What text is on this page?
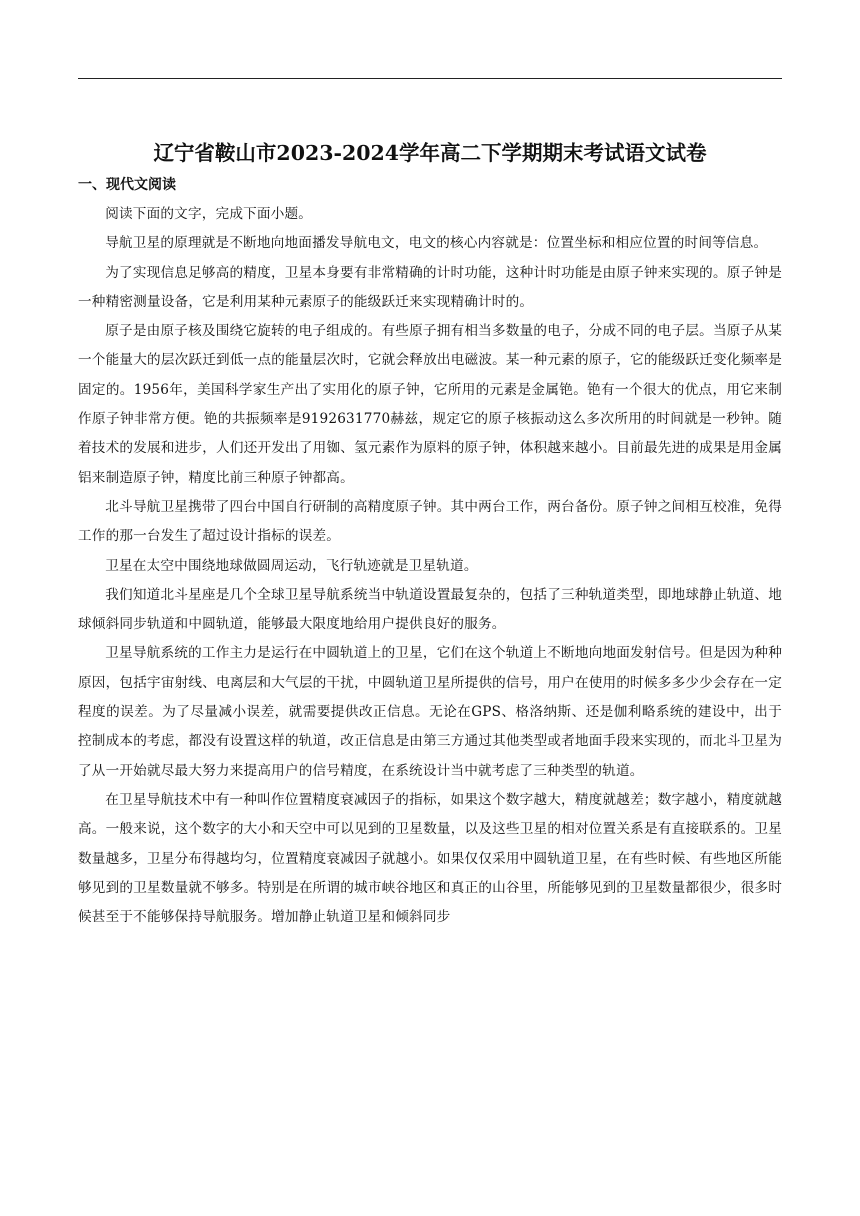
辽宁省鞍山市2023-2024学年高二下学期期末考试语文试卷
一、现代文阅读

阅读下面的文字，完成下面小题。

导航卫星的原理就是不断地向地面播发导航电文，电文的核心内容就是：位置坐标和相应位置的时间等信息。

为了实现信息足够高的精度，卫星本身要有非常精确的计时功能，这种计时功能是由原子钟来实现的。原子钟是一种精密测量设备，它是利用某种元素原子的能级跃迁来实现精确计时的。

原子是由原子核及围绕它旋转的电子组成的。有些原子拥有相当多数量的电子，分成不同的电子层。当原子从某一个能量大的层次跃迁到低一点的能量层次时，它就会释放出电磁波。某一种元素的原子，它的能级跃迁变化频率是固定的。1956年，美国科学家生产出了实用化的原子钟，它所用的元素是金属铯。铯有一个很大的优点，用它来制作原子钟非常方便。铯的共振频率是9192631770赫兹，规定它的原子核振动这么多次所用的时间就是一秒钟。随着技术的发展和进步，人们还开发出了用铷、氢元素作为原料的原子钟，体积越来越小。目前最先进的成果是用金属铝来制造原子钟，精度比前三种原子钟都高。

北斗导航卫星携带了四台中国自行研制的高精度原子钟。其中两台工作，两台备份。原子钟之间相互校准，免得工作的那一台发生了超过设计指标的误差。

卫星在太空中围绕地球做圆周运动，飞行轨迹就是卫星轨道。

我们知道北斗星座是几个全球卫星导航系统当中轨道设置最复杂的，包括了三种轨道类型，即地球静止轨道、地球倾斜同步轨道和中圆轨道，能够最大限度地给用户提供良好的服务。

卫星导航系统的工作主力是运行在中圆轨道上的卫星，它们在这个轨道上不断地向地面发射信号。但是因为种种原因，包括宇宙射线、电离层和大气层的干扰，中圆轨道卫星所提供的信号，用户在使用的时候多多少少会存在一定程度的误差。为了尽量减小误差，就需要提供改正信息。无论在GPS、格洛纳斯、还是伽利略系统的建设中，出于控制成本的考虑，都没有设置这样的轨道，改正信息是由第三方通过其他类型或者地面手段来实现的，而北斗卫星为了从一开始就尽最大努力来提高用户的信号精度，在系统设计当中就考虑了三种类型的轨道。

在卫星导航技术中有一种叫作位置精度衰减因子的指标，如果这个数字越大，精度就越差；数字越小，精度就越高。一般来说，这个数字的大小和天空中可以见到的卫星数量，以及这些卫星的相对位置关系是有直接联系的。卫星数量越多，卫星分布得越均匀，位置精度衰减因子就越小。如果仅仅采用中圆轨道卫星，在有些时候、有些地区所能够见到的卫星数量就不够多。特别是在所谓的城市峡谷地区和真正的山谷里，所能够见到的卫星数量都很少，很多时候甚至于不能够保持导航服务。增加静止轨道卫星和倾斜同步
